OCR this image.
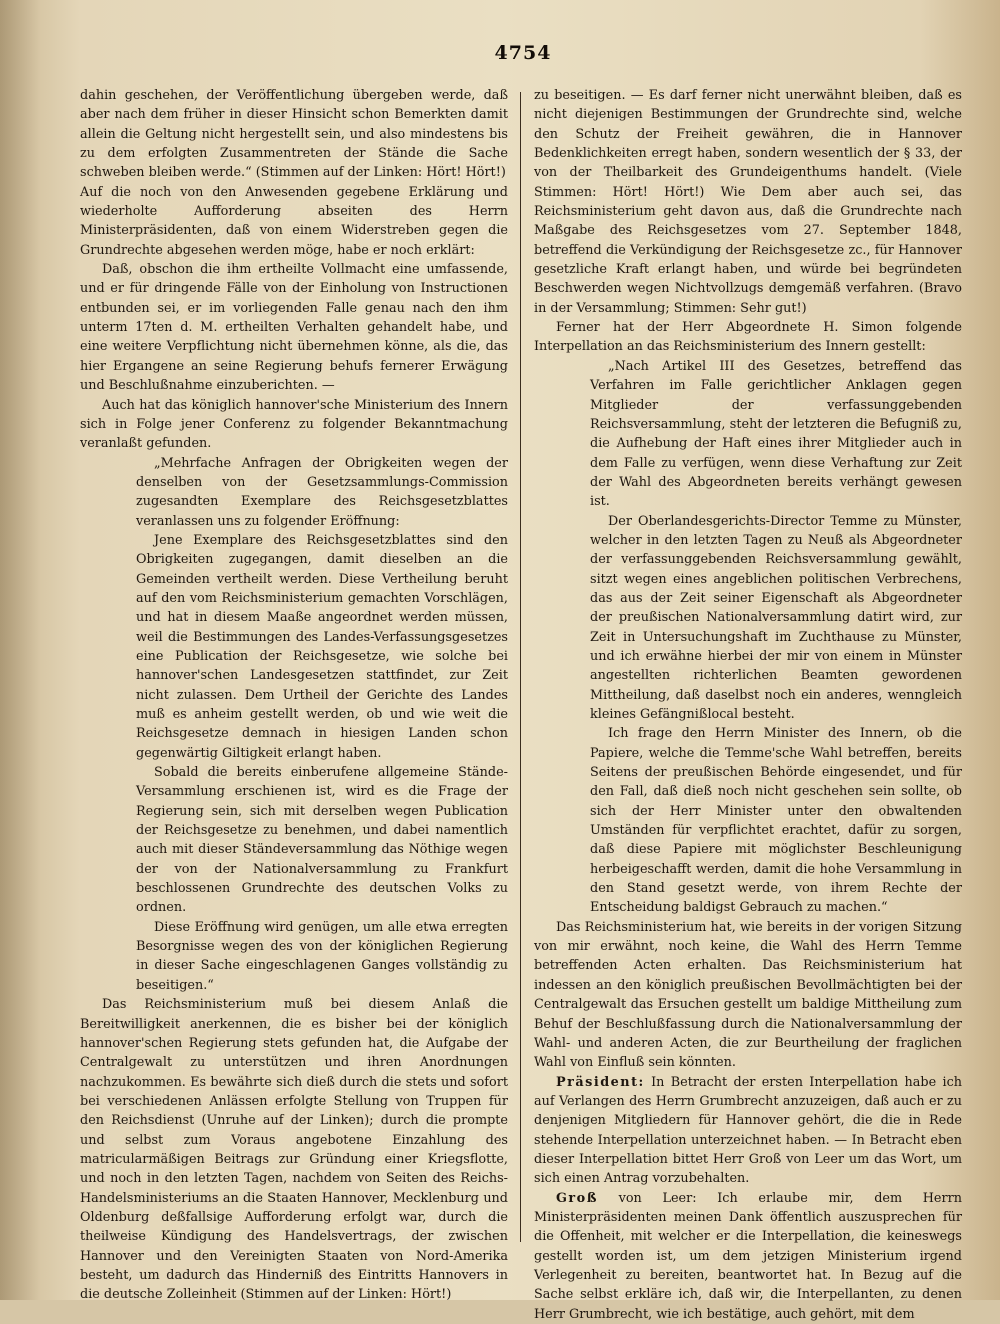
4754

dahin geschehen, der Veröffentlichung übergeben werde, daß aber nach dem früher in dieser Hinsicht schon Bemerkten damit allein die Geltung nicht hergestellt sein, und also mindestens bis zu dem erfolgten Zusammentreten der Stände die Sache schweben bleiben werde.“ (Stimmen auf der Linken: Hört! Hört!)

Auf die noch von den Anwesenden gegebene Erklärung und wiederholte Aufforderung abseiten des Herrn Ministerpräsidenten, daß von einem Widerstreben gegen die Grundrechte abgesehen werden möge, habe er noch erklärt:

Daß, obschon die ihm ertheilte Vollmacht eine umfassende, und er für dringende Fälle von der Einholung von Instructionen entbunden sei, er im vorliegenden Falle genau nach den ihm unterm 17ten d. M. ertheilten Verhalten gehandelt habe, und eine weitere Verpflichtung nicht übernehmen könne, als die, das hier Ergangene an seine Regierung behufs fernerer Erwägung und Beschlußnahme einzuberichten. —

Auch hat das königlich hannover'sche Ministerium des Innern sich in Folge jener Conferenz zu folgender Bekanntmachung veranlaßt gefunden.

„Mehrfache Anfragen der Obrigkeiten wegen der denselben von der Gesetzsammlungs-Commission zugesandten Exemplare des Reichsgesetzblattes veranlassen uns zu folgender Eröffnung:

Jene Exemplare des Reichsgesetzblattes sind den Obrigkeiten zugegangen, damit dieselben an die Gemeinden vertheilt werden. Diese Vertheilung beruht auf den vom Reichsministerium gemachten Vorschlägen, und hat in diesem Maaße angeordnet werden müssen, weil die Bestimmungen des Landes-Verfassungsgesetzes eine Publication der Reichsgesetze, wie solche bei hannover'schen Landesgesetzen stattfindet, zur Zeit nicht zulassen. Dem Urtheil der Gerichte des Landes muß es anheim gestellt werden, ob und wie weit die Reichsgesetze demnach in hiesigen Landen schon gegenwärtig Giltigkeit erlangt haben.

Sobald die bereits einberufene allgemeine Stände-Versammlung erschienen ist, wird es die Frage der Regierung sein, sich mit derselben wegen Publication der Reichsgesetze zu benehmen, und dabei namentlich auch mit dieser Ständeversammlung das Nöthige wegen der von der Nationalversammlung zu Frankfurt beschlossenen Grundrechte des deutschen Volks zu ordnen.

Diese Eröffnung wird genügen, um alle etwa erregten Besorgnisse wegen des von der königlichen Regierung in dieser Sache eingeschlagenen Ganges vollständig zu beseitigen.“

Das Reichsministerium muß bei diesem Anlaß die Bereitwilligkeit anerkennen, die es bisher bei der königlich hannover'schen Regierung stets gefunden hat, die Aufgabe der Centralgewalt zu unterstützen und ihren Anordnungen nachzukommen. Es bewährte sich dieß durch die stets und sofort bei verschiedenen Anlässen erfolgte Stellung von Truppen für den Reichsdienst (Unruhe auf der Linken); durch die prompte und selbst zum Voraus angebotene Einzahlung des matricularmäßigen Beitrags zur Gründung einer Kriegsflotte, und noch in den letzten Tagen, nachdem von Seiten des Reichs-Handelsministeriums an die Staaten Hannover, Mecklenburg und Oldenburg deßfallsige Aufforderung erfolgt war, durch die theilweise Kündigung des Handelsvertrags, der zwischen Hannover und den Vereinigten Staaten von Nord-Amerika besteht, um dadurch das Hinderniß des Eintritts Hannovers in die deutsche Zolleinheit (Stimmen auf der Linken: Hört!)

zu beseitigen. — Es darf ferner nicht unerwähnt bleiben, daß es nicht diejenigen Bestimmungen der Grundrechte sind, welche den Schutz der Freiheit gewähren, die in Hannover Bedenklichkeiten erregt haben, sondern wesentlich der § 33, der von der Theilbarkeit des Grundeigenthums handelt. (Viele Stimmen: Hört! Hört!) Wie Dem aber auch sei, das Reichsministerium geht davon aus, daß die Grundrechte nach Maßgabe des Reichsgesetzes vom 27. September 1848, betreffend die Verkündigung der Reichsgesetze zc., für Hannover gesetzliche Kraft erlangt haben, und würde bei begründeten Beschwerden wegen Nichtvollzugs demgemäß verfahren. (Bravo in der Versammlung; Stimmen: Sehr gut!)

Ferner hat der Herr Abgeordnete H. Simon folgende Interpellation an das Reichsministerium des Innern gestellt:

„Nach Artikel III des Gesetzes, betreffend das Verfahren im Falle gerichtlicher Anklagen gegen Mitglieder der verfassunggebenden Reichsversammlung, steht der letzteren die Befugniß zu, die Aufhebung der Haft eines ihrer Mitglieder auch in dem Falle zu verfügen, wenn diese Verhaftung zur Zeit der Wahl des Abgeordneten bereits verhängt gewesen ist.

Der Oberlandesgerichts-Director Temme zu Münster, welcher in den letzten Tagen zu Neuß als Abgeordneter der verfassunggebenden Reichsversammlung gewählt, sitzt wegen eines angeblichen politischen Verbrechens, das aus der Zeit seiner Eigenschaft als Abgeordneter der preußischen Nationalversammlung datirt wird, zur Zeit in Untersuchungshaft im Zuchthause zu Münster, und ich erwähne hierbei der mir von einem in Münster angestellten richterlichen Beamten gewordenen Mittheilung, daß daselbst noch ein anderes, wenngleich kleines Gefängnißlocal besteht.

Ich frage den Herrn Minister des Innern, ob die Papiere, welche die Temme'sche Wahl betreffen, bereits Seitens der preußischen Behörde eingesendet, und für den Fall, daß dieß noch nicht geschehen sein sollte, ob sich der Herr Minister unter den obwaltenden Umständen für verpflichtet erachtet, dafür zu sorgen, daß diese Papiere mit möglichster Beschleunigung herbeigeschafft werden, damit die hohe Versammlung in den Stand gesetzt werde, von ihrem Rechte der Entscheidung baldigst Gebrauch zu machen.“

Das Reichsministerium hat, wie bereits in der vorigen Sitzung von mir erwähnt, noch keine, die Wahl des Herrn Temme betreffenden Acten erhalten. Das Reichsministerium hat indessen an den königlich preußischen Bevollmächtigten bei der Centralgewalt das Ersuchen gestellt um baldige Mittheilung zum Behuf der Beschlußfassung durch die Nationalversammlung der Wahl- und anderen Acten, die zur Beurtheilung der fraglichen Wahl von Einfluß sein könnten.

Präsident: In Betracht der ersten Interpellation habe ich auf Verlangen des Herrn Grumbrecht anzuzeigen, daß auch er zu denjenigen Mitgliedern für Hannover gehört, die die in Rede stehende Interpellation unterzeichnet haben. — In Betracht eben dieser Interpellation bittet Herr Groß von Leer um das Wort, um sich einen Antrag vorzubehalten.

Groß von Leer: Ich erlaube mir, dem Herrn Ministerpräsidenten meinen Dank öffentlich auszusprechen für die Offenheit, mit welcher er die Interpellation, die keineswegs gestellt worden ist, um dem jetzigen Ministerium irgend Verlegenheit zu bereiten, beantwortet hat. In Bezug auf die Sache selbst erkläre ich, daß wir, die Interpellanten, zu denen Herr Grumbrecht, wie ich bestätige, auch gehört, mit dem
